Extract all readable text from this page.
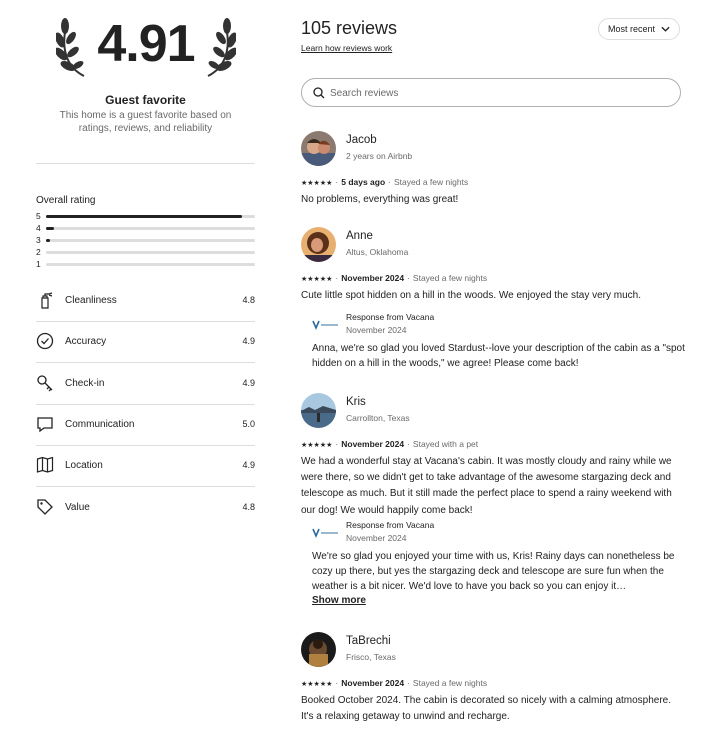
4.91
Guest favorite
This home is a guest favorite based on ratings, reviews, and reliability
Overall rating
5
4
3
2
1
Cleanliness	4.8
Accuracy	4.9
Check-in	4.9
Communication	5.0
Location	4.9
Value	4.8
105 reviews
Learn how reviews work
Most recent
Search reviews
Jacob
2 years on Airbnb
★★★★★ · 5 days ago · Stayed a few nights
No problems, everything was great!
Anne
Altus, Oklahoma
★★★★★ · November 2024 · Stayed a few nights
Cute little spot hidden on a hill in the woods. We enjoyed the stay very much.
Response from Vacana
November 2024
Anna, we're so glad you loved Stardust--love your description of the cabin as a "spot hidden on a hill in the woods," we agree! Please come back!
Kris
Carrollton, Texas
★★★★★ · November 2024 · Stayed with a pet
We had a wonderful stay at Vacana's cabin. It was mostly cloudy and rainy while we were there, so we didn't get to take advantage of the awesome stargazing deck and telescope as much. But it still made the perfect place to spend a rainy weekend with our dog! We would happily come back!
Response from Vacana
November 2024
We're so glad you enjoyed your time with us, Kris! Rainy days can nonetheless be cozy up there, but yes the stargazing deck and telescope are sure fun when the weather is a bit nicer. We'd love to have you back so you can enjoy it…
Show more
TaBrechi
Frisco, Texas
★★★★★ · November 2024 · Stayed a few nights
Booked October 2024. The cabin is decorated so nicely with a calming atmosphere. It's a relaxing getaway to unwind and recharge.
